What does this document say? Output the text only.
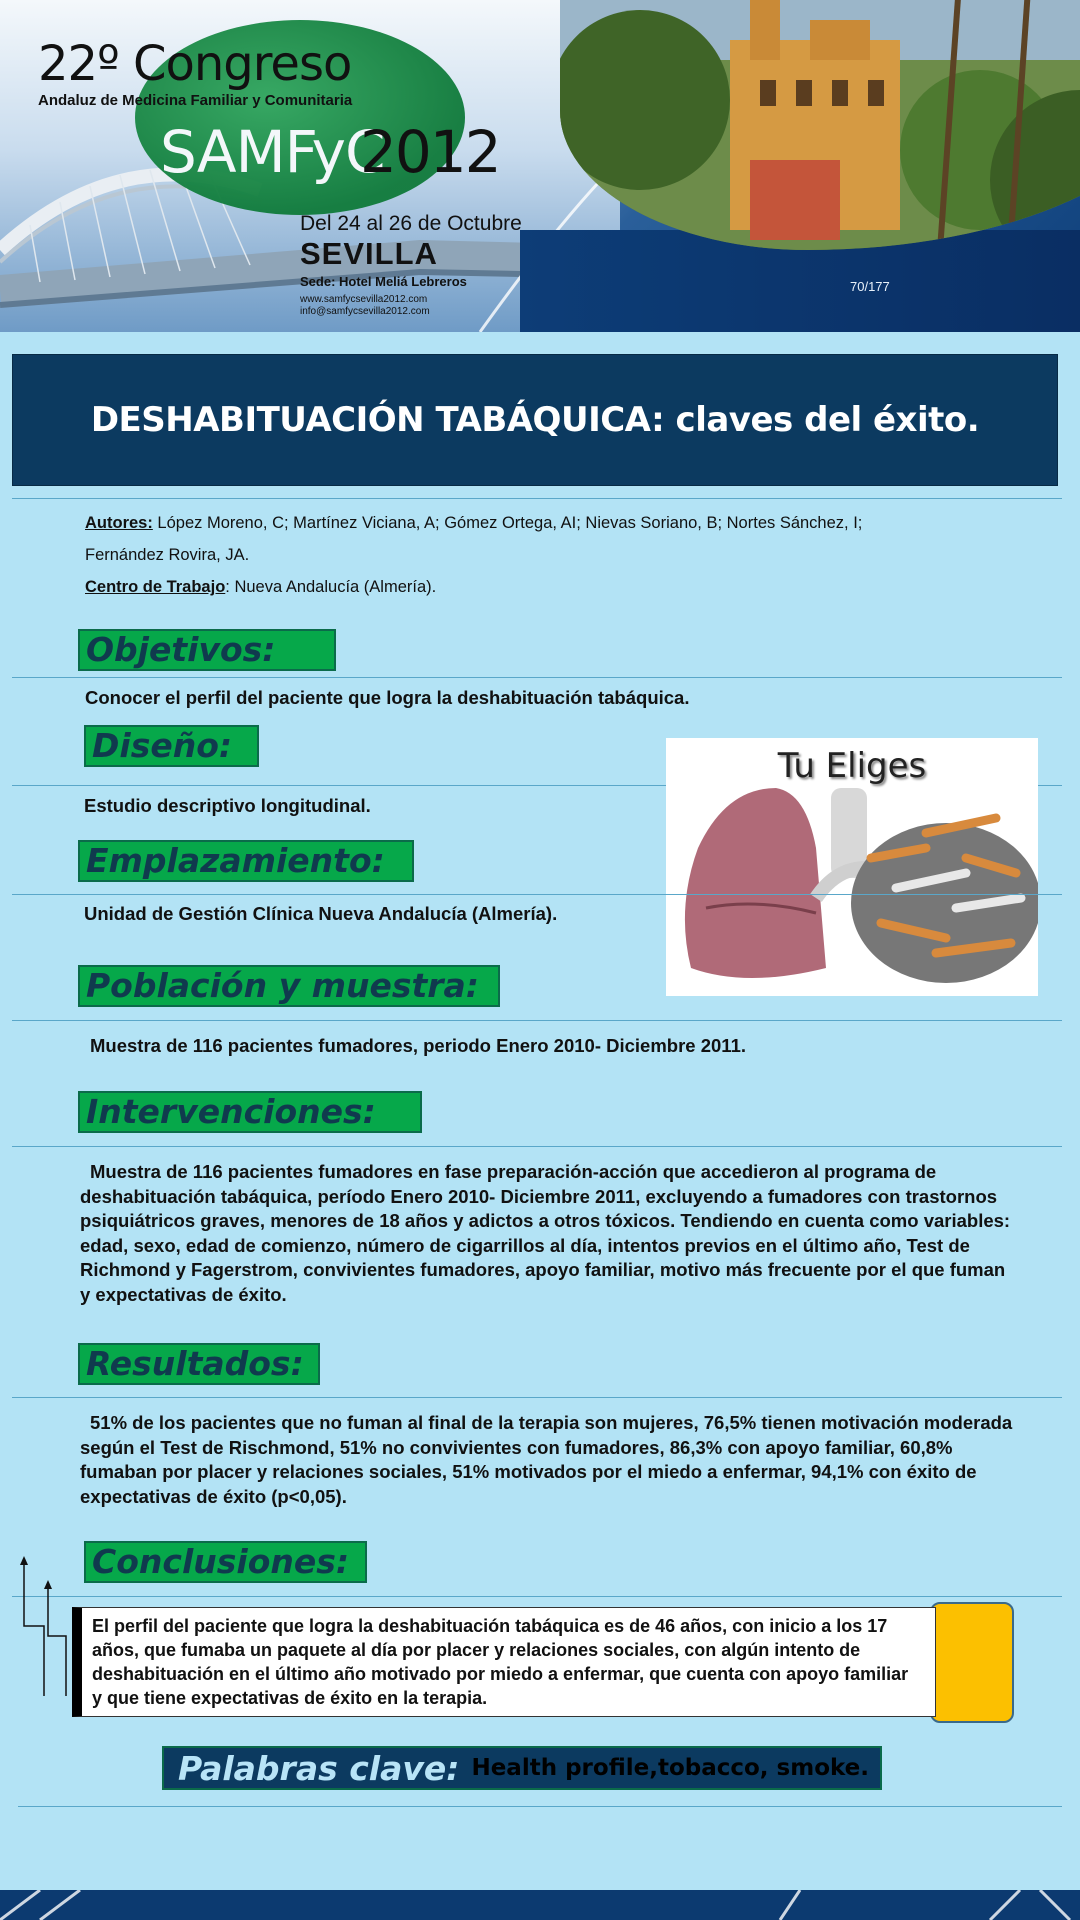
22º Congreso
Andaluz de Medicina Familiar y Comunitaria
SAMFyC
2012
Del 24 al 26 de Octubre
SEVILLA
Sede: Hotel Meliá Lebreros
www.samfycsevilla2012.com
info@samfycsevilla2012.com
70/177
DESHABITUACIÓN TABÁQUICA: claves del éxito.
Autores: López Moreno, C; Martínez Viciana, A; Gómez Ortega, AI; Nievas Soriano, B; Nortes Sánchez, I;
Fernández Rovira, JA.
Centro de Trabajo: Nueva Andalucía (Almería).
Objetivos:
Conocer el perfil del paciente que logra la deshabituación tabáquica.
Diseño:
Estudio descriptivo longitudinal.
Tu Eliges
Emplazamiento:
Unidad de Gestión Clínica Nueva Andalucía (Almería).
Población y muestra:
Muestra de 116 pacientes fumadores, periodo Enero 2010- Diciembre 2011.
Intervenciones:
Muestra de 116 pacientes fumadores en fase preparación-acción que accedieron al programa de deshabituación tabáquica, período Enero 2010- Diciembre 2011, excluyendo a fumadores con trastornos psiquiátricos graves, menores de 18 años y adictos a otros tóxicos. Tendiendo en cuenta como variables: edad, sexo, edad de comienzo, número de cigarrillos al día, intentos previos en el último año, Test de Richmond y Fagerstrom, convivientes fumadores, apoyo familiar, motivo más frecuente por el que fuman y expectativas de éxito.
Resultados:
51% de los pacientes que no fuman al final de la terapia son mujeres, 76,5% tienen motivación moderada según el Test de Rischmond, 51% no convivientes con fumadores, 86,3% con apoyo familiar, 60,8% fumaban por placer y relaciones sociales, 51% motivados por el miedo a enfermar, 94,1% con éxito de expectativas de éxito (p<0,05).
Conclusiones:
El perfil del paciente que logra la deshabituación tabáquica es de 46 años, con inicio a los 17 años, que fumaba un paquete al día por placer y relaciones sociales, con algún intento de deshabituación en el último año motivado por miedo a enfermar, que cuenta con apoyo familiar y que tiene expectativas de éxito en la terapia.
Palabras clave: Health profile,tobacco, smoke.
